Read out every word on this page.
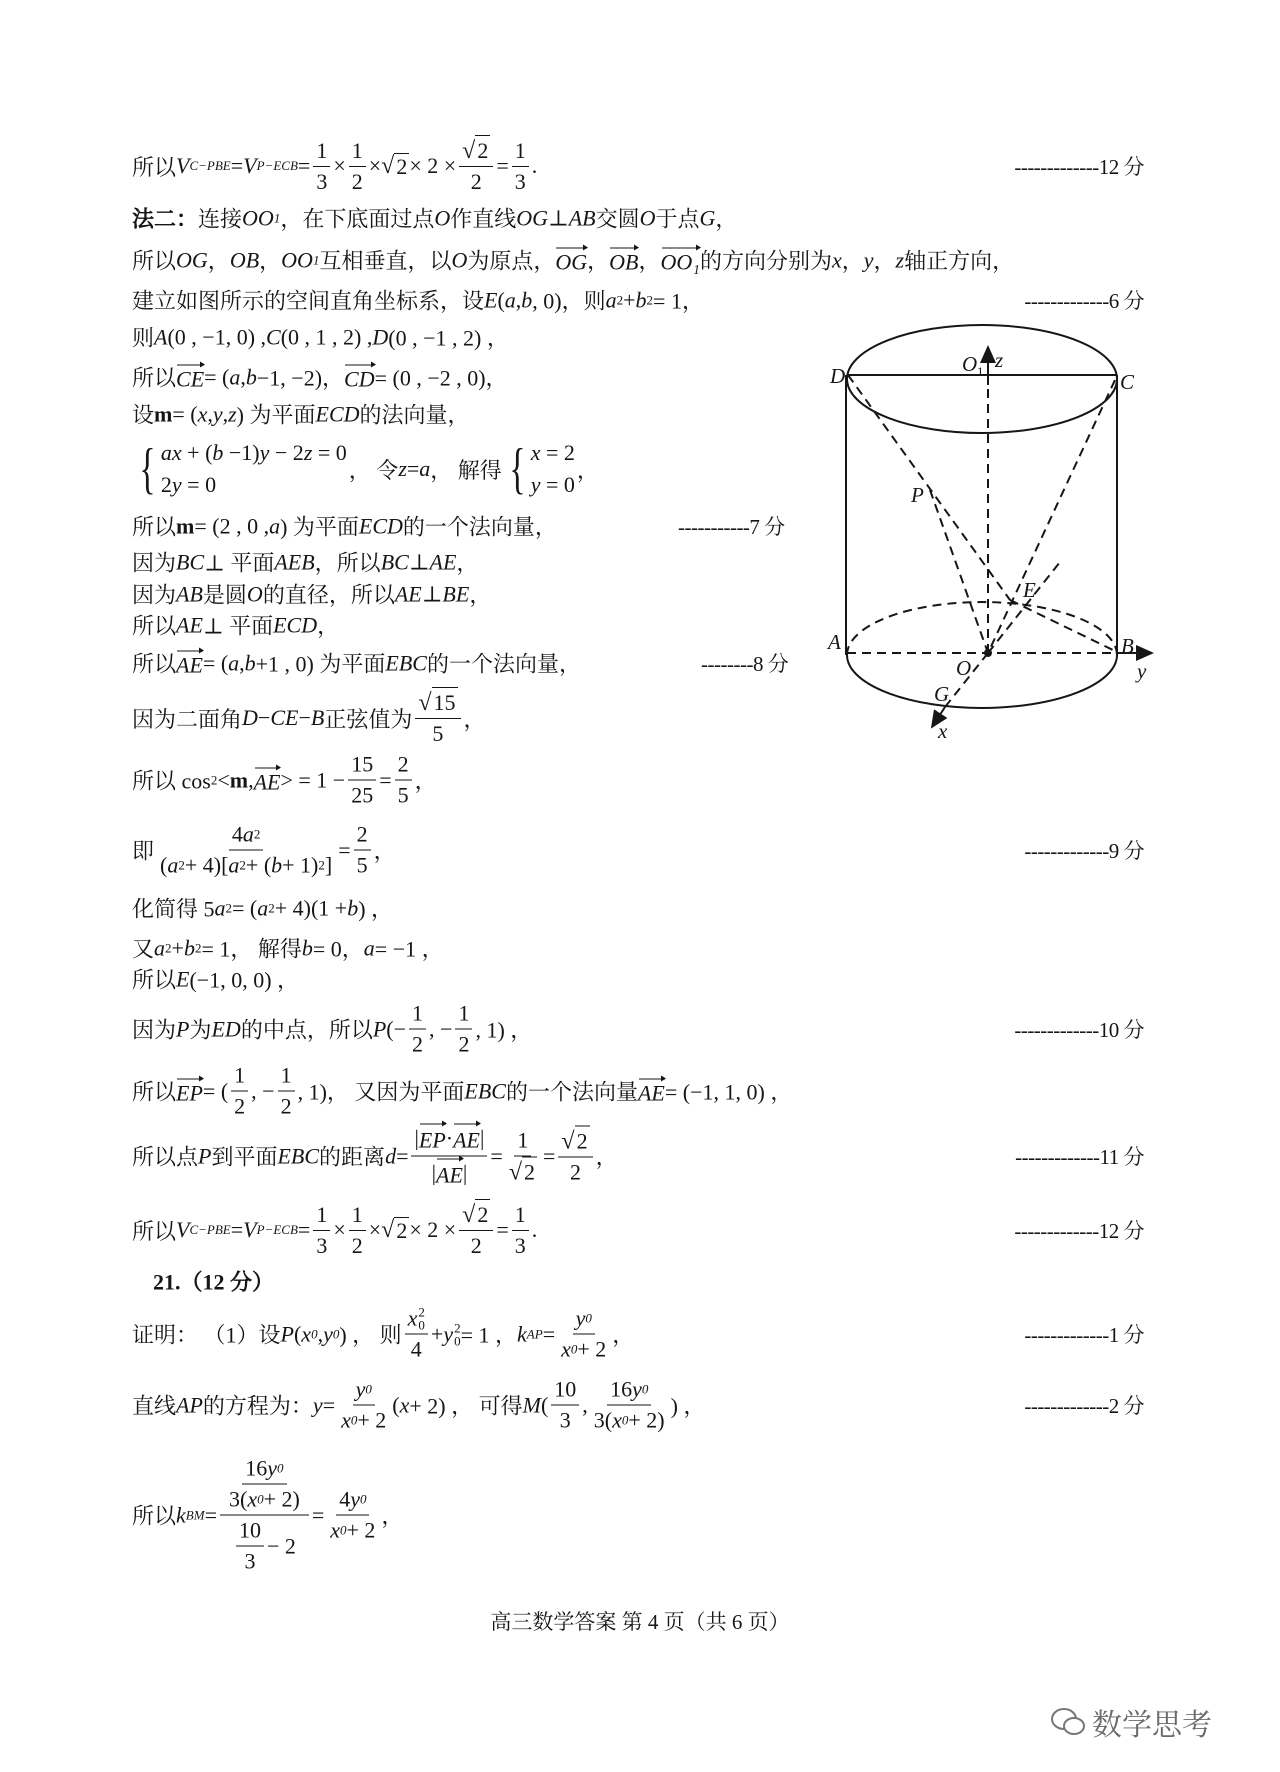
所以 V C−PBE = V $P-ECB = \frac{1}{3} \times \frac{1}{2}$ × √ $2 \times 2 \times \frac{√ 2}{2} = \frac{1}{3}$ .
法二： 连接 OO 1 ，在下底面过点 O 作直线 OG ⊥ AB 交圆 O 于点 G ，
所以 OG ， OB ， OO 1 互相垂直，以 O 为原点， OG ， OB ， OO₁ 的方向分别为 x ， y ， z 轴正方向，
建立如图所示的空间直角坐标系，设 E ( a , b , 0)，则 a 2 + b 2 = 1，
则 A (0 , −1, 0) , C (0 , 1 , 2) , D (0 , −1 , 2) ，
所以 CE = ( a , b −1, −2)， CD = (0 , −2 , 0)，
设 m = ( x , y , z ) 为平面 ECD 的法向量，
{ ax + (b −1)y − 2z = 0
2y = 0
， 令 z = a ， 解得 { x = 2
y = 0
，
所以 m = (2 , 0 , a ) 为平面 ECD 的一个法向量，
因为 BC ⊥ 平面 AEB ，所以 BC ⊥ AE ，
因为 AB 是圆 O 的直径，所以 AE ⊥ BE ，
所以 AE ⊥ 平面 ECD ，
所以 AE = ( a , b +1 , 0) 为平面 EBC 的一个法向量，
因为二面角 D − CE − B 正弦值为 $\frac{√ 15}{5}$ ，
所以 cos 2 < m , AE > = $1 - \frac{15}{25} = \frac{2}{5}$ ，
即 $\frac{4 a 2}{( a 2 + 4)[ a 2 + ( b + 1) 2 ]} = \frac{2}{5}$ ，
化简得 5 a 2 = ( a 2 + 4)(1 + b ) ，
又 a 2 + b 2 = 1， 解得 b = 0， a = −1 ，
所以 E (−1, 0, 0) ，
因为 P 为 ED 的中点，所以 P (− $\frac{1}{2}$ , − $\frac{1}{2}$ , 1) ，
所以 EP = ( $\frac{1}{2}$ , − $\frac{1}{2}$ , 1)， 又因为平面 EBC 的一个法向量 AE = (−1, 1, 0) ，
所以点 P 到平面 EBC 的距离 $d = \frac{| EP \cdot AE |}{| AE |} = \frac{1}{√ 2} = \frac{√ 2}{2}$ ，
所以 V C−PBE = V $P-ECB = \frac{1}{3} \times \frac{1}{2}$ × √ $2 \times 2 \times \frac{√ 2}{2} = \frac{1}{3}$ .
21.（12 分）
证明： （1）设 P ( x 0 , y 0 ) ， 则 x 2
0
4 + y 2
0 = 1 ， k AP = $\frac{y 0}{x 0 + 2}$ ，
直线 AP 的方程为： $y = \frac{y 0}{x 0 + 2}$ ( x + 2) ， 可得 M ( $\frac{10}{3}$ , $\frac{16 y 0}{3( x 0 + 2)}$ ) ，
所以 k BM = $\frac{\frac{16 y 0}{3( x 0 + 2)}}{\frac{10}{3} - 2} = \frac{4 y 0}{x 0 + 2}$ ，
D	C
O 1 z
P
E
A	B
O	y
G
x
高三数学答案 第 4 页（共 6 页）
数学思考
-------------12 分
-------------6 分
-----------7 分
--------8 分
-------------9 分
-------------10 分
-------------11 分
-------------12 分
-------------1 分
-------------2 分
